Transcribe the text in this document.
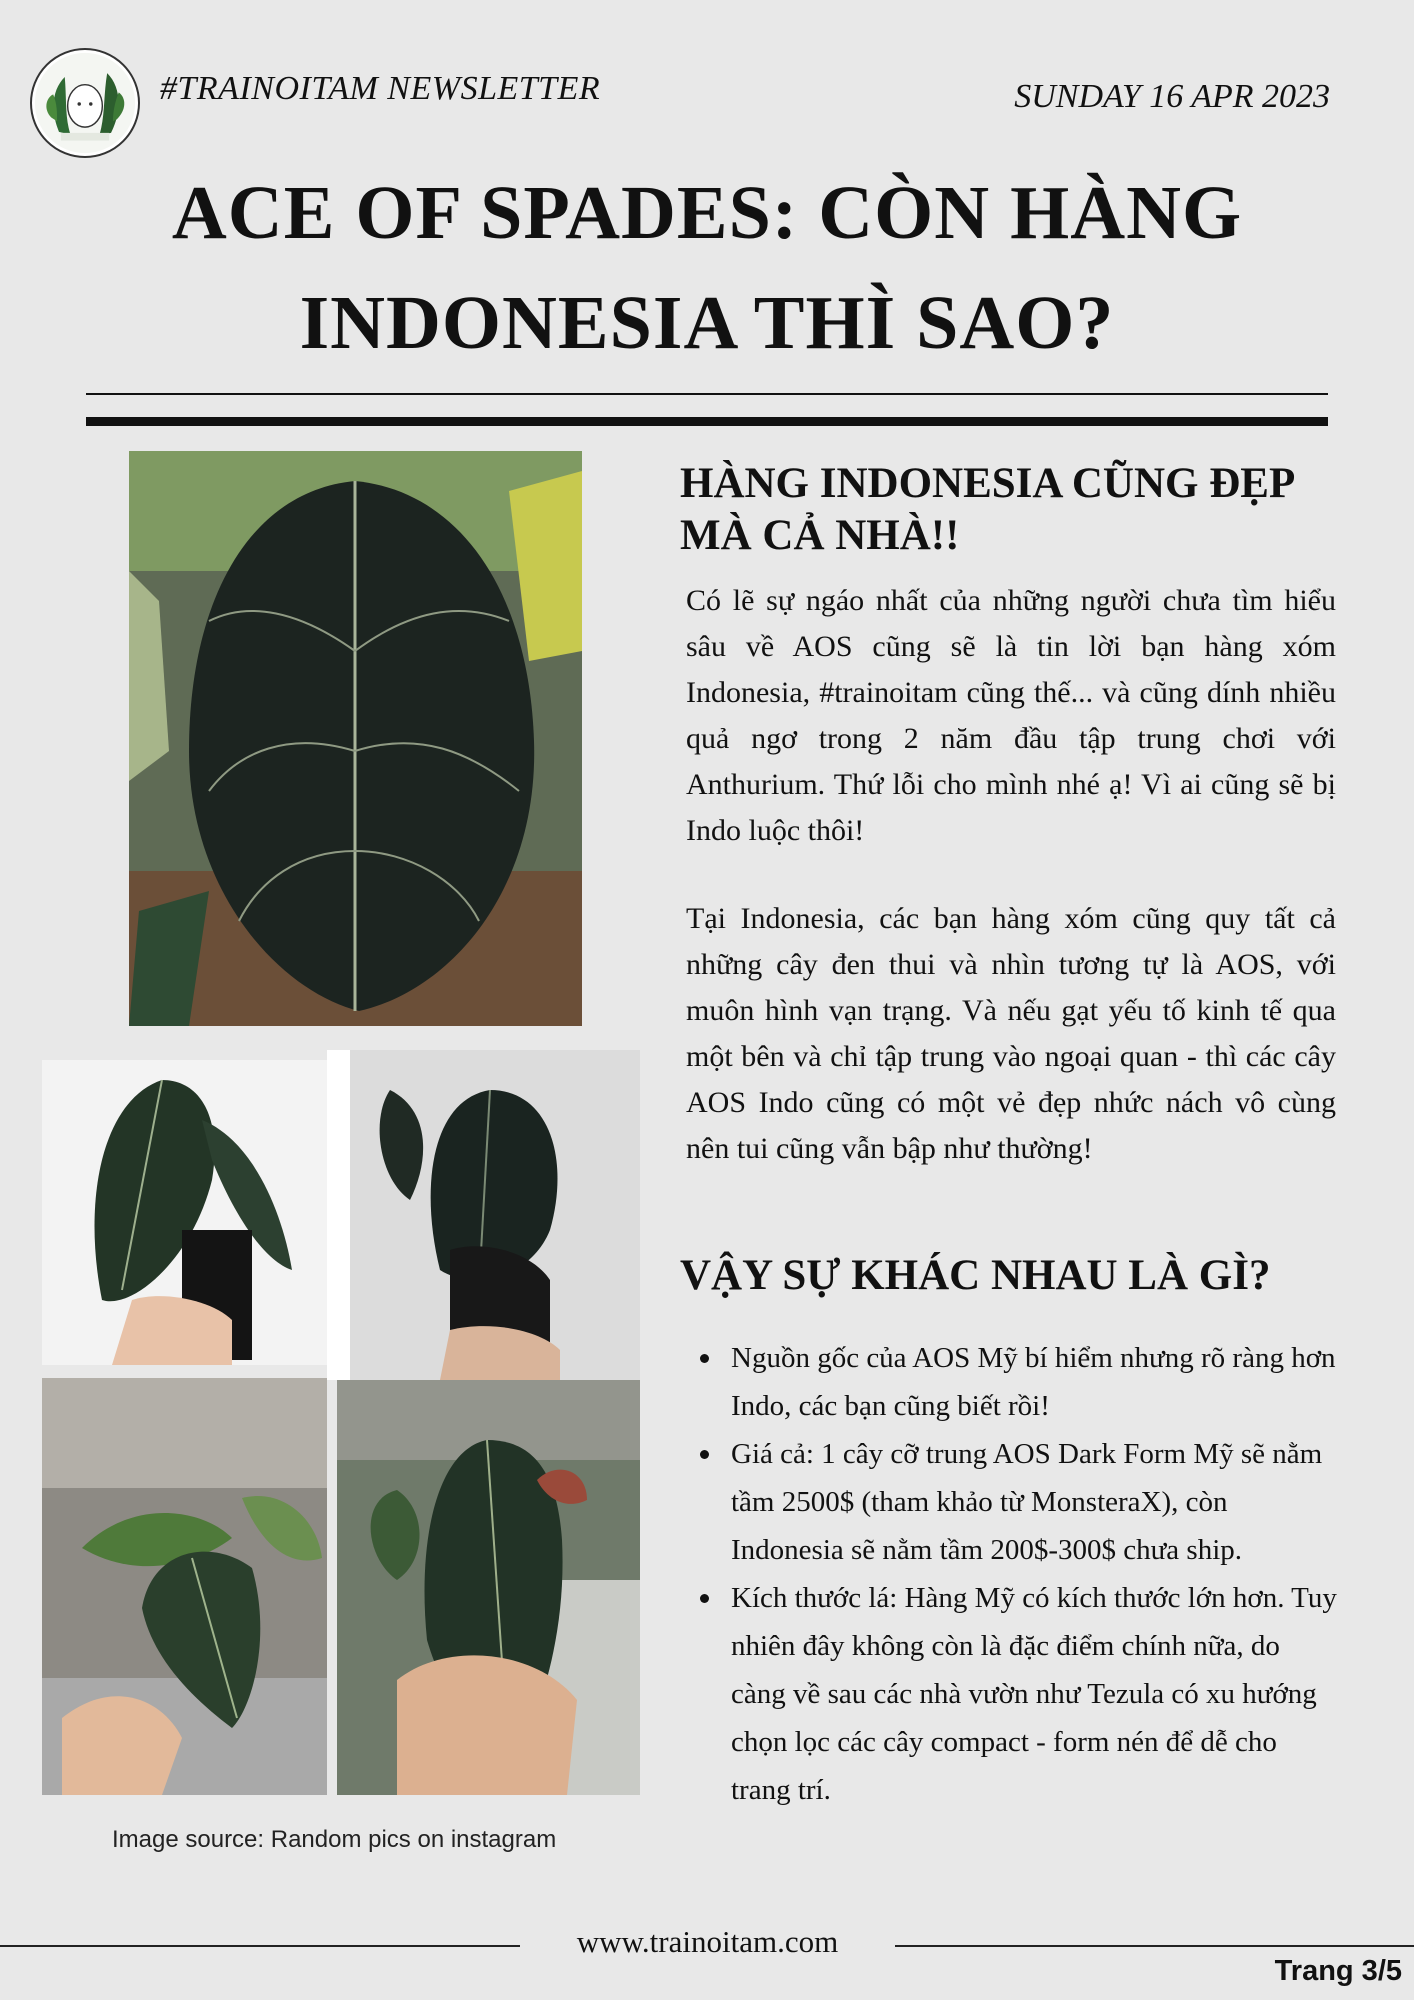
#TRAINOITAM NEWSLETTER	SUNDAY 16 APR 2023
ACE OF SPADES: CÒN HÀNG INDONESIA THÌ SAO?
Image source: Random pics on instagram
HÀNG INDONESIA CŨNG ĐẸP MÀ CẢ NHÀ!!
Có lẽ sự ngáo nhất của những người chưa tìm hiểu sâu về AOS cũng sẽ là tin lời bạn hàng xóm Indonesia, #trainoitam cũng thế... và cũng dính nhiều quả ngơ trong 2 năm đầu tập trung chơi với Anthurium. Thứ lỗi cho mình nhé ạ! Vì ai cũng sẽ bị Indo luộc thôi!
Tại Indonesia, các bạn hàng xóm cũng quy tất cả những cây đen thui và nhìn tương tự là AOS, với muôn hình vạn trạng. Và nếu gạt yếu tố kinh tế qua một bên và chỉ tập trung vào ngoại quan - thì các cây AOS Indo cũng có một vẻ đẹp nhức nách vô cùng nên tui cũng vẫn bập như thường!
VẬY SỰ KHÁC NHAU LÀ GÌ?
Nguồn gốc của AOS Mỹ bí hiểm nhưng rõ ràng hơn Indo, các bạn cũng biết rồi!
Giá cả: 1 cây cỡ trung AOS Dark Form Mỹ sẽ nằm tầm 2500$ (tham khảo từ MonsteraX), còn Indonesia sẽ nằm tầm 200$-300$ chưa ship.
Kích thước lá: Hàng Mỹ có kích thước lớn hơn. Tuy nhiên đây không còn là đặc điểm chính nữa, do càng về sau các nhà vườn như Tezula có xu hướng chọn lọc các cây compact - form nén để dễ cho trang trí.
www.trainoitam.com
Trang 3/5
